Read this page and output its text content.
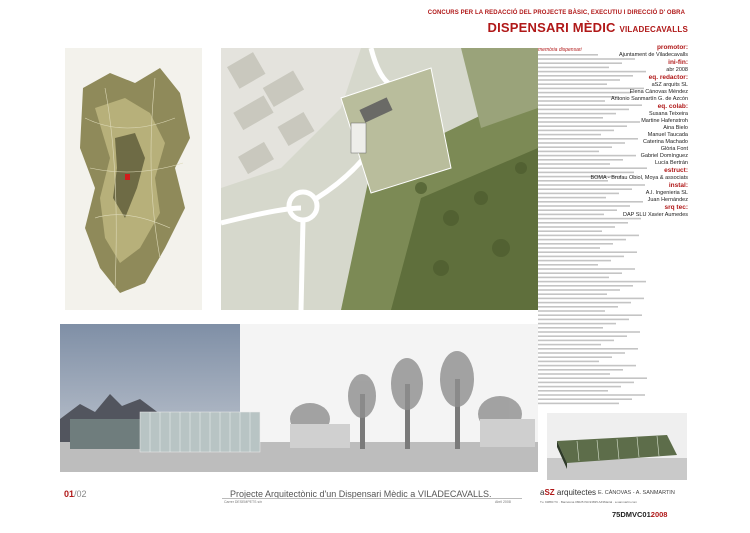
CONCURS PER LA REDACCIÓ DEL PROJECTE BÀSIC, EXECUTIU I DIRECCIÓ D' OBRA
DISPENSARI MÈDIC VILADECAVALLS
memòria dispensari	promotor:
Ajuntament de Viladecavalls
ini-fin:
abr 2008
eq. redactor:
aSZ arquits SL
Elena Cánovas Méndez
Antonio Sanmartín G. de Azcón
eq. colab:
Susana Teixeira
Martine Hafenstroh
Aina Bielo
Manuel Taucada
Caterina Machado
Glòria Font
Gabriel Domínguez
Lucía Bertrán
estruct:
BOMA - Brufau Obiol, Moya & associats
instal:
A.I. Ingenieria SL
Juan Hernández
srq tec:
DAP SLU Xavier Aumedes
01/02	Projecte Arquitectònic d'un Dispensari Mèdic a VILADECAVALLS.
Carrer DESEMPETS s/n	Abril 2008
aSZ arquitectes E. CÀNOVAS - A. SANMARTIN
Tu. 93880 TC · Barcelona 08025 f93-93835 AZ3Marial · a.sanmartin.com
75DMVC012008
